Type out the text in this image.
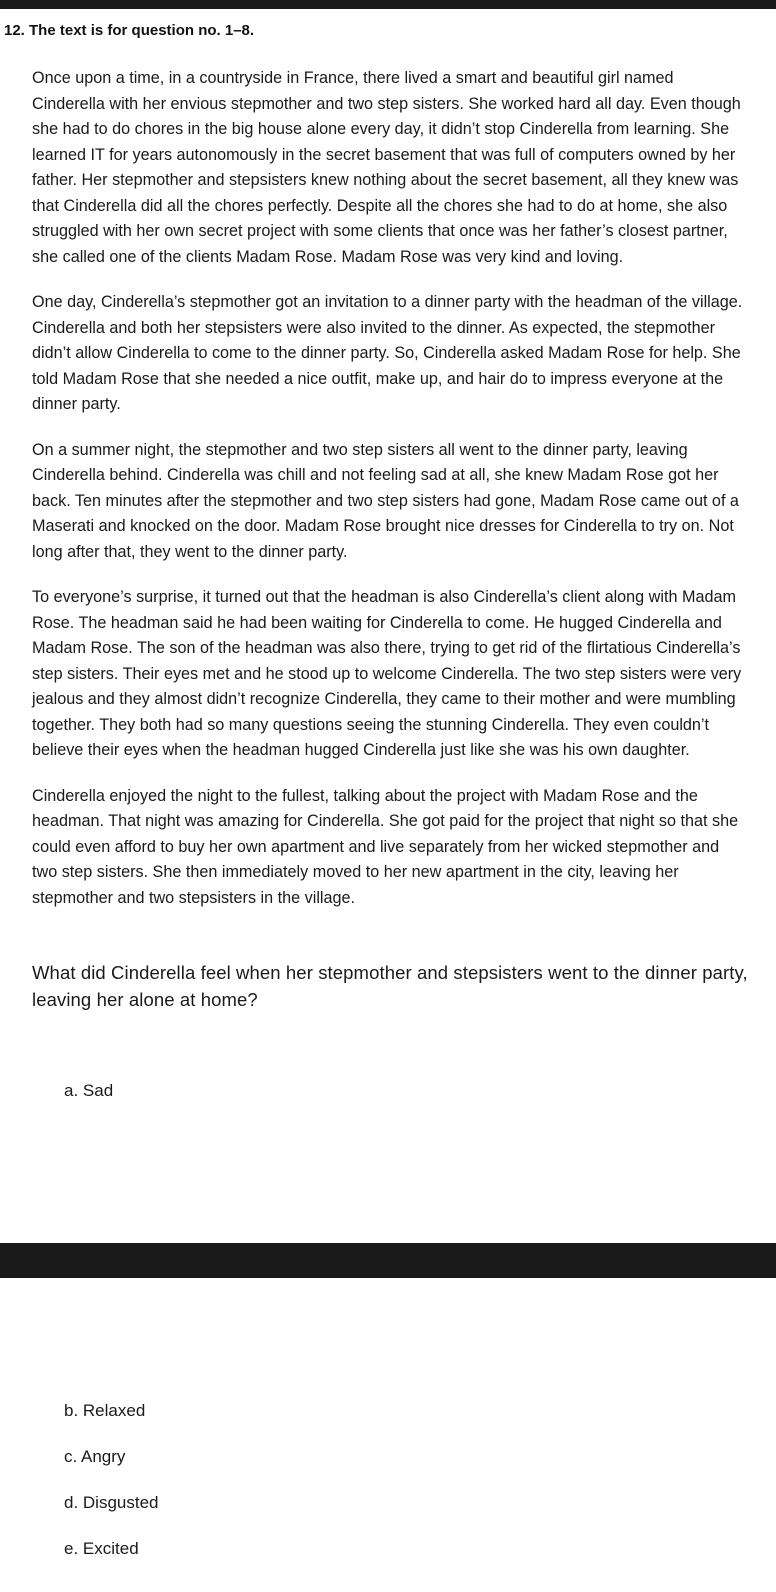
12. The text is for question no. 1–8.

Once upon a time, in a countryside in France, there lived a smart and beautiful girl named Cinderella with her envious stepmother and two step sisters. She worked hard all day. Even though she had to do chores in the big house alone every day, it didn’t stop Cinderella from learning. She learned IT for years autonomously in the secret basement that was full of computers owned by her father. Her stepmother and stepsisters knew nothing about the secret basement, all they knew was that Cinderella did all the chores perfectly. Despite all the chores she had to do at home, she also struggled with her own secret project with some clients that once was her father’s closest partner, she called one of the clients Madam Rose. Madam Rose was very kind and loving.

One day, Cinderella’s stepmother got an invitation to a dinner party with the headman of the village. Cinderella and both her stepsisters were also invited to the dinner. As expected, the stepmother didn’t allow Cinderella to come to the dinner party. So, Cinderella asked Madam Rose for help. She told Madam Rose that she needed a nice outfit, make up, and hair do to impress everyone at the dinner party.

On a summer night, the stepmother and two step sisters all went to the dinner party, leaving Cinderella behind. Cinderella was chill and not feeling sad at all, she knew Madam Rose got her back. Ten minutes after the stepmother and two step sisters had gone, Madam Rose came out of a Maserati and knocked on the door. Madam Rose brought nice dresses for Cinderella to try on. Not long after that, they went to the dinner party.

To everyone’s surprise, it turned out that the headman is also Cinderella’s client along with Madam Rose. The headman said he had been waiting for Cinderella to come. He hugged Cinderella and Madam Rose. The son of the headman was also there, trying to get rid of the flirtatious Cinderella’s step sisters. Their eyes met and he stood up to welcome Cinderella. The two step sisters were very jealous and they almost didn’t recognize Cinderella, they came to their mother and were mumbling together. They both had so many questions seeing the stunning Cinderella. They even couldn’t believe their eyes when the headman hugged Cinderella just like she was his own daughter.

Cinderella enjoyed the night to the fullest, talking about the project with Madam Rose and the headman. That night was amazing for Cinderella. She got paid for the project that night so that she could even afford to buy her own apartment and live separately from her wicked stepmother and two step sisters. She then immediately moved to her new apartment in the city, leaving her stepmother and two stepsisters in the village.

What did Cinderella feel when her stepmother and stepsisters went to the dinner party, leaving her alone at home?
a. Sad
b. Relaxed
c. Angry
d. Disgusted
e. Excited
